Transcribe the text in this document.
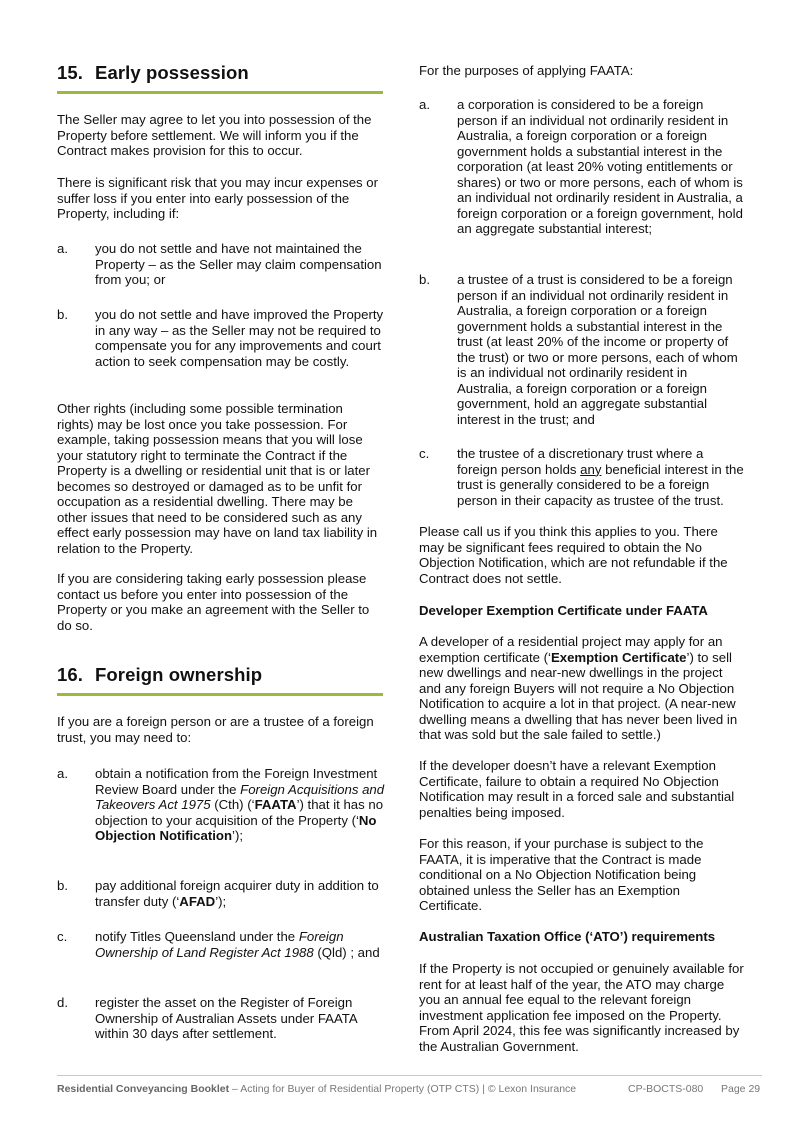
15. Early possession

The Seller may agree to let you into possession of the Property before settlement. We will inform you if the Contract makes provision for this to occur.

There is significant risk that you may incur expenses or suffer loss if you enter into early possession of the Property, including if:

a. you do not settle and have not maintained the Property – as the Seller may claim compensation from you; or
b. you do not settle and have improved the Property in any way – as the Seller may not be required to compensate you for any improvements and court action to seek compensation may be costly.

Other rights (including some possible termination rights) may be lost once you take possession. For example, taking possession means that you will lose your statutory right to terminate the Contract if the Property is a dwelling or residential unit that is or later becomes so destroyed or damaged as to be unfit for occupation as a residential dwelling. There may be other issues that need to be considered such as any effect early possession may have on land tax liability in relation to the Property.

If you are considering taking early possession please contact us before you enter into possession of the Property or you make an agreement with the Seller to do so.

16. Foreign ownership

If you are a foreign person or are a trustee of a foreign trust, you may need to:

a. obtain a notification from the Foreign Investment Review Board under the Foreign Acquisitions and Takeovers Act 1975 (Cth) (‘FAATA’) that it has no objection to your acquisition of the Property (‘No Objection Notification’);
b. pay additional foreign acquirer duty in addition to transfer duty (‘AFAD’);
c. notify Titles Queensland under the Foreign Ownership of Land Register Act 1988 (Qld) ; and
d. register the asset on the Register of Foreign Ownership of Australian Assets under FAATA within 30 days after settlement.

For the purposes of applying FAATA:

a. a corporation is considered to be a foreign person if an individual not ordinarily resident in Australia, a foreign corporation or a foreign government holds a substantial interest in the corporation (at least 20% voting entitlements or shares) or two or more persons, each of whom is an individual not ordinarily resident in Australia, a foreign corporation or a foreign government, hold an aggregate substantial interest;
b. a trustee of a trust is considered to be a foreign person if an individual not ordinarily resident in Australia, a foreign corporation or a foreign government holds a substantial interest in the trust (at least 20% of the income or property of the trust) or two or more persons, each of whom is an individual not ordinarily resident in Australia, a foreign corporation or a foreign government, hold an aggregate substantial interest in the trust; and
c. the trustee of a discretionary trust where a foreign person holds any beneficial interest in the trust is generally considered to be a foreign person in their capacity as trustee of the trust.

Please call us if you think this applies to you. There may be significant fees required to obtain the No Objection Notification, which are not refundable if the Contract does not settle.

Developer Exemption Certificate under FAATA

A developer of a residential project may apply for an exemption certificate (‘Exemption Certificate’) to sell new dwellings and near-new dwellings in the project and any foreign Buyers will not require a No Objection Notification to acquire a lot in that project. (A near-new dwelling means a dwelling that has never been lived in that was sold but the sale failed to settle.)

If the developer doesn’t have a relevant Exemption Certificate, failure to obtain a required No Objection Notification may result in a forced sale and substantial penalties being imposed.

For this reason, if your purchase is subject to the FAATA, it is imperative that the Contract is made conditional on a No Objection Notification being obtained unless the Seller has an Exemption Certificate.

Australian Taxation Office (‘ATO’) requirements

If the Property is not occupied or genuinely available for rent for at least half of the year, the ATO may charge you an annual fee equal to the relevant foreign investment application fee imposed on the Property. From April 2024, this fee was significantly increased by the Australian Government.

Residential Conveyancing Booklet – Acting for Buyer of Residential Property (OTP CTS) | © Lexon Insurance	CP-BOCTS-080 Page 29
